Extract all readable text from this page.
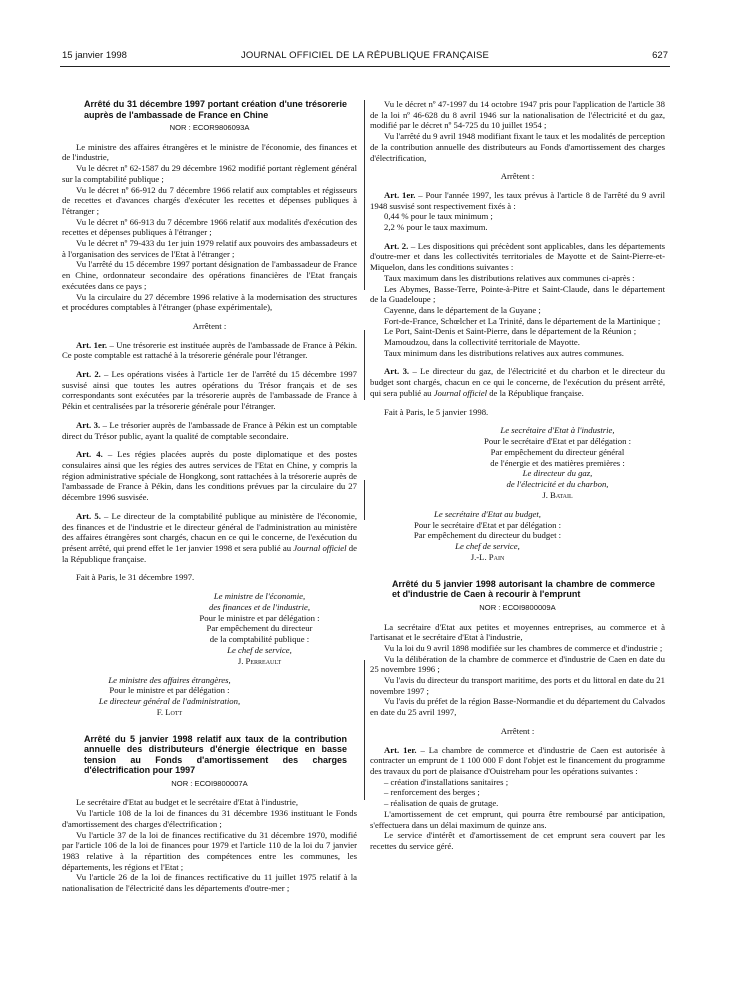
15 janvier 1998	JOURNAL OFFICIEL DE LA RÉPUBLIQUE FRANÇAISE	627

Arrêté du 31 décembre 1997 portant création d'une trésorerie auprès de l'ambassade de France en Chine

NOR : ECOR9806093A

Le ministre des affaires étrangères et le ministre de l'économie, des finances et de l'industrie,

Vu le décret nº 62-1587 du 29 décembre 1962 modifié portant règlement général sur la comptabilité publique ;

Vu le décret nº 66-912 du 7 décembre 1966 relatif aux comptables et régisseurs de recettes et d'avances chargés d'exécuter les recettes et dépenses publiques à l'étranger ;

Vu le décret nº 66-913 du 7 décembre 1966 relatif aux modalités d'exécution des recettes et dépenses publiques à l'étranger ;

Vu le décret nº 79-433 du 1er juin 1979 relatif aux pouvoirs des ambassadeurs et à l'organisation des services de l'Etat à l'étranger ;

Vu l'arrêté du 15 décembre 1997 portant désignation de l'ambassadeur de France en Chine, ordonnateur secondaire des opérations financières de l'Etat français exécutées dans ce pays ;

Vu la circulaire du 27 décembre 1996 relative à la modernisation des structures et procédures comptables à l'étranger (phase expérimentale),

Arrêtent :

Art. 1er. – Une trésorerie est instituée auprès de l'ambassade de France à Pékin. Ce poste comptable est rattaché à la trésorerie générale pour l'étranger.

Art. 2. – Les opérations visées à l'article 1er de l'arrêté du 15 décembre 1997 susvisé ainsi que toutes les autres opérations du Trésor français et de ses correspondants sont exécutées par la trésorerie auprès de l'ambassade de France à Pékin et centralisées par la trésorerie générale pour l'étranger.

Art. 3. – Le trésorier auprès de l'ambassade de France à Pékin est un comptable direct du Trésor public, ayant la qualité de comptable secondaire.

Art. 4. – Les régies placées auprès du poste diplomatique et des postes consulaires ainsi que les régies des autres services de l'Etat en Chine, y compris la région administrative spéciale de Hongkong, sont rattachées à la trésorerie auprès de l'ambassade de France à Pékin, dans les conditions prévues par la circulaire du 27 décembre 1996 susvisée.

Art. 5. – Le directeur de la comptabilité publique au ministère de l'économie, des finances et de l'industrie et le directeur général de l'administration au ministère des affaires étrangères sont chargés, chacun en ce qui le concerne, de l'exécution du présent arrêté, qui prend effet le 1er janvier 1998 et sera publié au Journal officiel de la République française.

Fait à Paris, le 31 décembre 1997.

Le ministre de l'économie,
des finances et de l'industrie,
Pour le ministre et par délégation :
Par empêchement du directeur
de la comptabilité publique :
Le chef de service,
J. Perreault
Le ministre des affaires étrangères,
Pour le ministre et par délégation :
Le directeur général de l'administration,
F. Lott

Arrêté du 5 janvier 1998 relatif aux taux de la contribution annuelle des distributeurs d'énergie électrique en basse tension au Fonds d'amortissement des charges d'électrification pour 1997

NOR : ECOI9800007A

Le secrétaire d'Etat au budget et le secrétaire d'Etat à l'industrie,

Vu l'article 108 de la loi de finances du 31 décembre 1936 instituant le Fonds d'amortissement des charges d'électrification ;

Vu l'article 37 de la loi de finances rectificative du 31 décembre 1970, modifié par l'article 106 de la loi de finances pour 1979 et l'article 110 de la loi du 7 janvier 1983 relative à la répartition des compétences entre les communes, les départements, les régions et l'Etat ;

Vu l'article 26 de la loi de finances rectificative du 11 juillet 1975 relatif à la nationalisation de l'électricité dans les départements d'outre-mer ;

Vu le décret nº 47-1997 du 14 octobre 1947 pris pour l'application de l'article 38 de la loi nº 46-628 du 8 avril 1946 sur la nationalisation de l'électricité et du gaz, modifié par le décret nº 54-725 du 10 juillet 1954 ;

Vu l'arrêté du 9 avril 1948 modifiant fixant le taux et les modalités de perception de la contribution annuelle des distributeurs au Fonds d'amortissement des charges d'électrification,

Arrêtent :

Art. 1er. – Pour l'année 1997, les taux prévus à l'article 8 de l'arrêté du 9 avril 1948 susvisé sont respectivement fixés à :

0,44 % pour le taux minimum ;

2,2 % pour le taux maximum.

Art. 2. – Les dispositions qui précèdent sont applicables, dans les départements d'outre-mer et dans les collectivités territoriales de Mayotte et de Saint-Pierre-et-Miquelon, dans les conditions suivantes :

Taux maximum dans les distributions relatives aux communes ci-après :

Les Abymes, Basse-Terre, Pointe-à-Pitre et Saint-Claude, dans le département de la Guadeloupe ;

Cayenne, dans le département de la Guyane ;

Fort-de-France, Schœlcher et La Trinité, dans le département de la Martinique ;

Le Port, Saint-Denis et Saint-Pierre, dans le département de la Réunion ;

Mamoudzou, dans la collectivité territoriale de Mayotte.

Taux minimum dans les distributions relatives aux autres communes.

Art. 3. – Le directeur du gaz, de l'électricité et du charbon et le directeur du budget sont chargés, chacun en ce qui le concerne, de l'exécution du présent arrêté, qui sera publié au Journal officiel de la République française.

Fait à Paris, le 5 janvier 1998.

Le secrétaire d'Etat à l'industrie,
Pour le secrétaire d'Etat et par délégation :
Par empêchement du directeur général
de l'énergie et des matières premières :
Le directeur du gaz,
de l'électricité et du charbon,
J. Batail
Le secrétaire d'Etat au budget,
Pour le secrétaire d'Etat et par délégation :
Par empêchement du directeur du budget :
Le chef de service,
J.-L. Pain

Arrêté du 5 janvier 1998 autorisant la chambre de commerce et d'industrie de Caen à recourir à l'emprunt

NOR : ECOI9800009A

La secrétaire d'Etat aux petites et moyennes entreprises, au commerce et à l'artisanat et le secrétaire d'Etat à l'industrie,

Vu la loi du 9 avril 1898 modifiée sur les chambres de commerce et d'industrie ;

Vu la délibération de la chambre de commerce et d'industrie de Caen en date du 25 novembre 1996 ;

Vu l'avis du directeur du transport maritime, des ports et du littoral en date du 21 novembre 1997 ;

Vu l'avis du préfet de la région Basse-Normandie et du département du Calvados en date du 25 avril 1997,

Arrêtent :

Art. 1er. – La chambre de commerce et d'industrie de Caen est autorisée à contracter un emprunt de 1 100 000 F dont l'objet est le financement du programme des travaux du port de plaisance d'Ouistreham pour les opérations suivantes :

– création d'installations sanitaires ;

– renforcement des berges ;

– réalisation de quais de grutage.

L'amortissement de cet emprunt, qui pourra être remboursé par anticipation, s'effectuera dans un délai maximum de quinze ans.

Le service d'intérêt et d'amortissement de cet emprunt sera couvert par les recettes du service géré.
